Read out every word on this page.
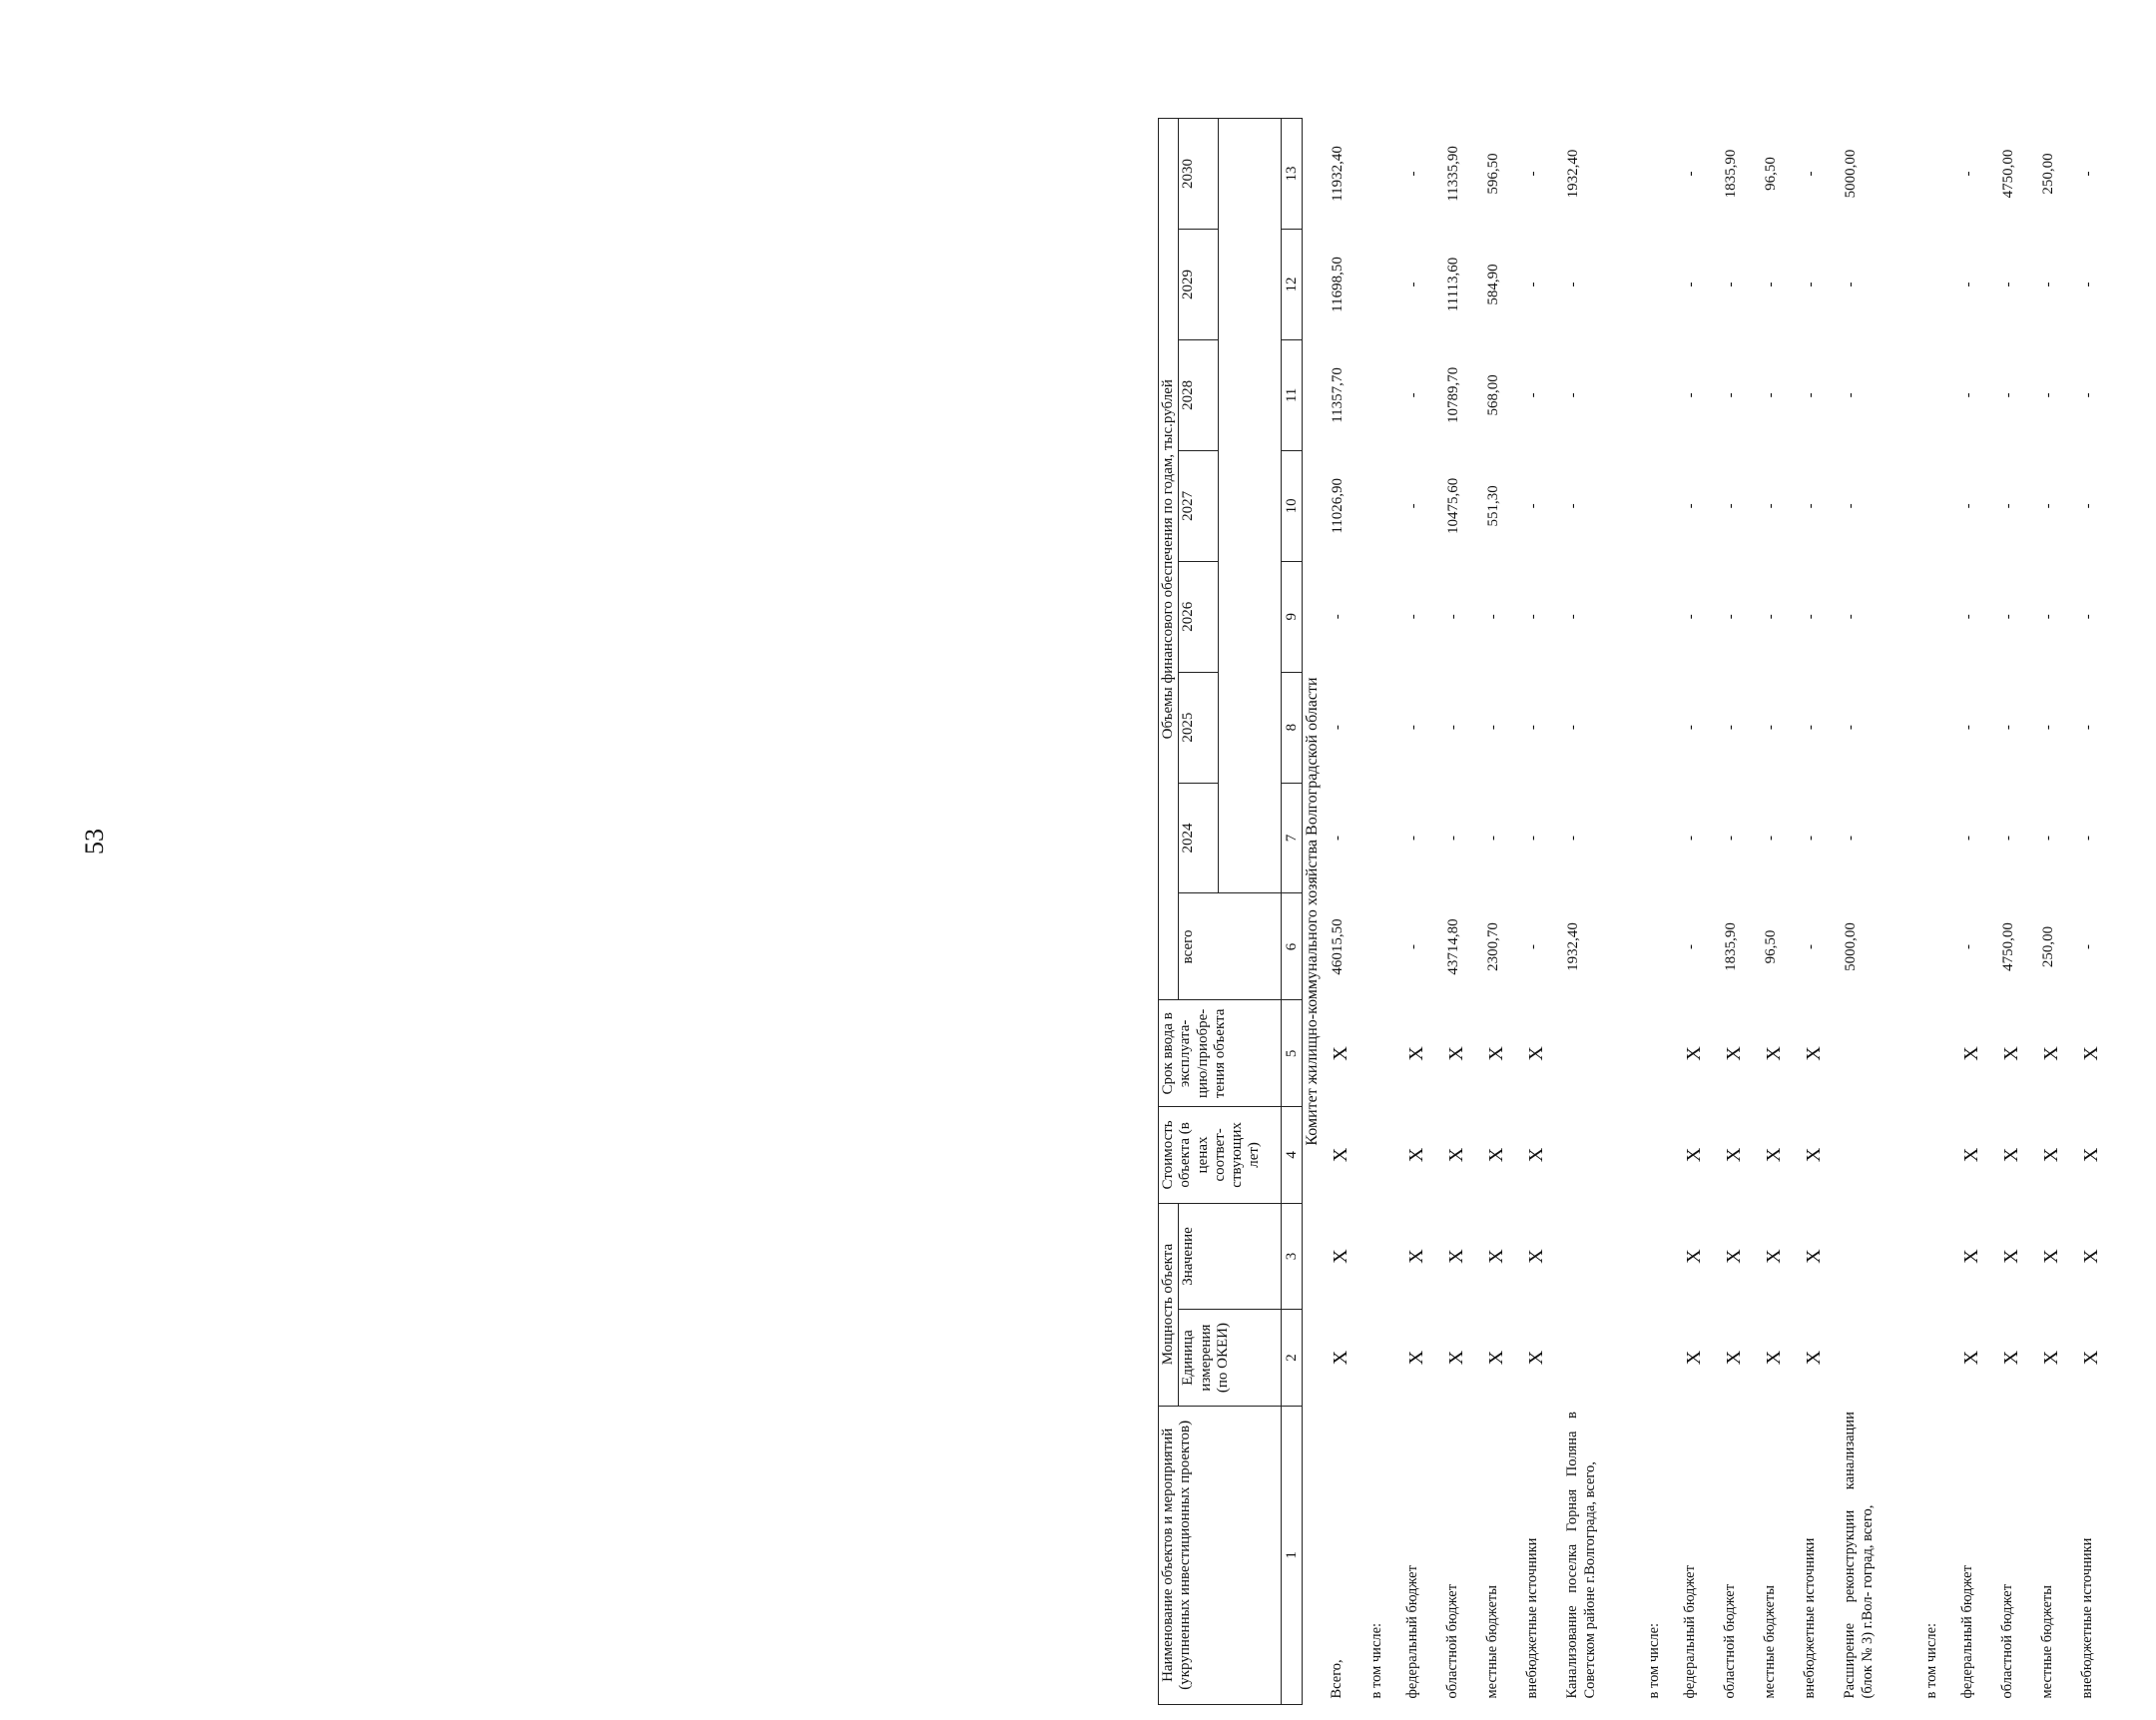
53
Наименование объектов и мероприятий (укрупненных инвестиционных проектов)	Мощность объекта		Стоимость объекта (в ценах соответ- ствующих лет)	Срок ввода в эксплуата- цию/приобре- тения объекта	Объемы финансового обеспечения по годам, тыс.рублей							
	Единица измерения (по ОКЕИ)	Значение			всего	2024	2025	2026	2027	2028	2029	2030

1	2	3	4	5	6	7	8	9	10	11	12	13
Комитет жилищно-коммунального хозяйства Волгоградской области												
Всего,	X	X	X	X	46015,50	-	-	-	11026,90	11357,70	11698,50	11932,40
в том числе:												
федеральный бюджет	X	X	X	X	-	-	-	-	-	-	-	-
областной бюджет	X	X	X	X	43714,80	-	-	-	10475,60	10789,70	11113,60	11335,90
местные бюджеты	X	X	X	X	2300,70	-	-	-	551,30	568,00	584,90	596,50
внебюджетные источники	X	X	X	X	-	-	-	-	-	-	-	-
Канализование поселка Горная Поляна в Советском районе г.Волгограда, всего,					1932,40	-	-	-	-	-	-	1932,40
в том числе:												
федеральный бюджет	X	X	X	X	-	-	-	-	-	-	-	-
областной бюджет	X	X	X	X	1835,90	-	-	-	-	-	-	1835,90
местные бюджеты	X	X	X	X	96,50	-	-	-	-	-	-	96,50
внебюджетные источники	X	X	X	X	-	-	-	-	-	-	-	-
Расширение реконструкции канализации (блок № 3) г.Вол- гоград, всего,					5000,00	-	-	-	-	-	-	5000,00
в том числе:												
федеральный бюджет	X	X	X	X	-	-	-	-	-	-	-	-
областной бюджет	X	X	X	X	4750,00	-	-	-	-	-	-	4750,00
местные бюджеты	X	X	X	X	250,00	-	-	-	-	-	-	250,00
внебюджетные источники	X	X	X	X	-	-	-	-	-	-	-	-
